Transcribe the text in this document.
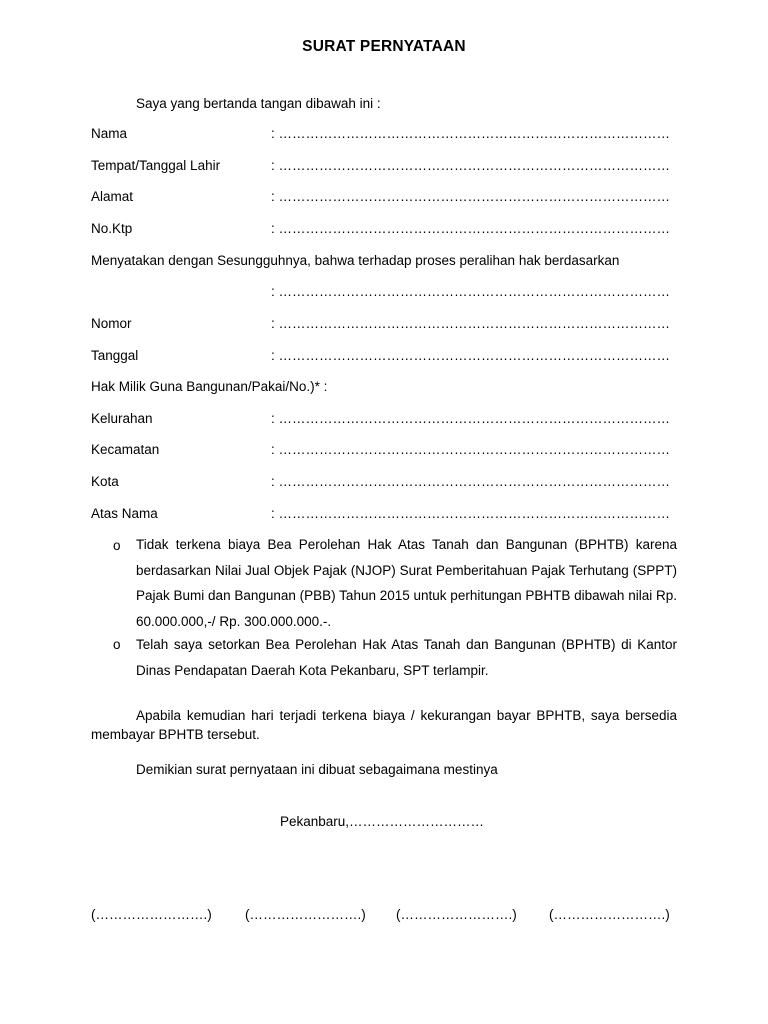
SURAT PERNYATAAN
Saya yang bertanda tangan dibawah ini :
Nama	: ……………………………………………………………………………
Tempat/Tanggal Lahir	: ……………………………………………………………………………
Alamat	: ……………………………………………………………………………
No.Ktp	: ……………………………………………………………………………
Menyatakan dengan Sesungguhnya, bahwa terhadap proses peralihan hak berdasarkan
: ……………………………………………………………………………
Nomor	: ……………………………………………………………………………
Tanggal	: ……………………………………………………………………………
Hak Milik Guna Bangunan/Pakai/No.)* :
Kelurahan	: ……………………………………………………………………………
Kecamatan	: ……………………………………………………………………………
Kota	: ……………………………………………………………………………
Atas Nama	: ……………………………………………………………………………
o Tidak terkena biaya Bea Perolehan Hak Atas Tanah dan Bangunan (BPHTB) karena berdasarkan Nilai Jual Objek Pajak (NJOP) Surat Pemberitahuan Pajak Terhutang (SPPT) Pajak Bumi dan Bangunan (PBB) Tahun 2015 untuk perhitungan PBHTB dibawah nilai Rp. 60.000.000,-/ Rp. 300.000.000.-.
o Telah saya setorkan Bea Perolehan Hak Atas Tanah dan Bangunan (BPHTB) di Kantor Dinas Pendapatan Daerah Kota Pekanbaru, SPT terlampir.
Apabila kemudian hari terjadi terkena biaya / kekurangan bayar BPHTB, saya bersedia membayar BPHTB tersebut.
Demikian surat pernyataan ini dibuat sebagaimana mestinya
Pekanbaru,…………………………
(…………………….) (…………………….) (…………………….) (…………………….)
